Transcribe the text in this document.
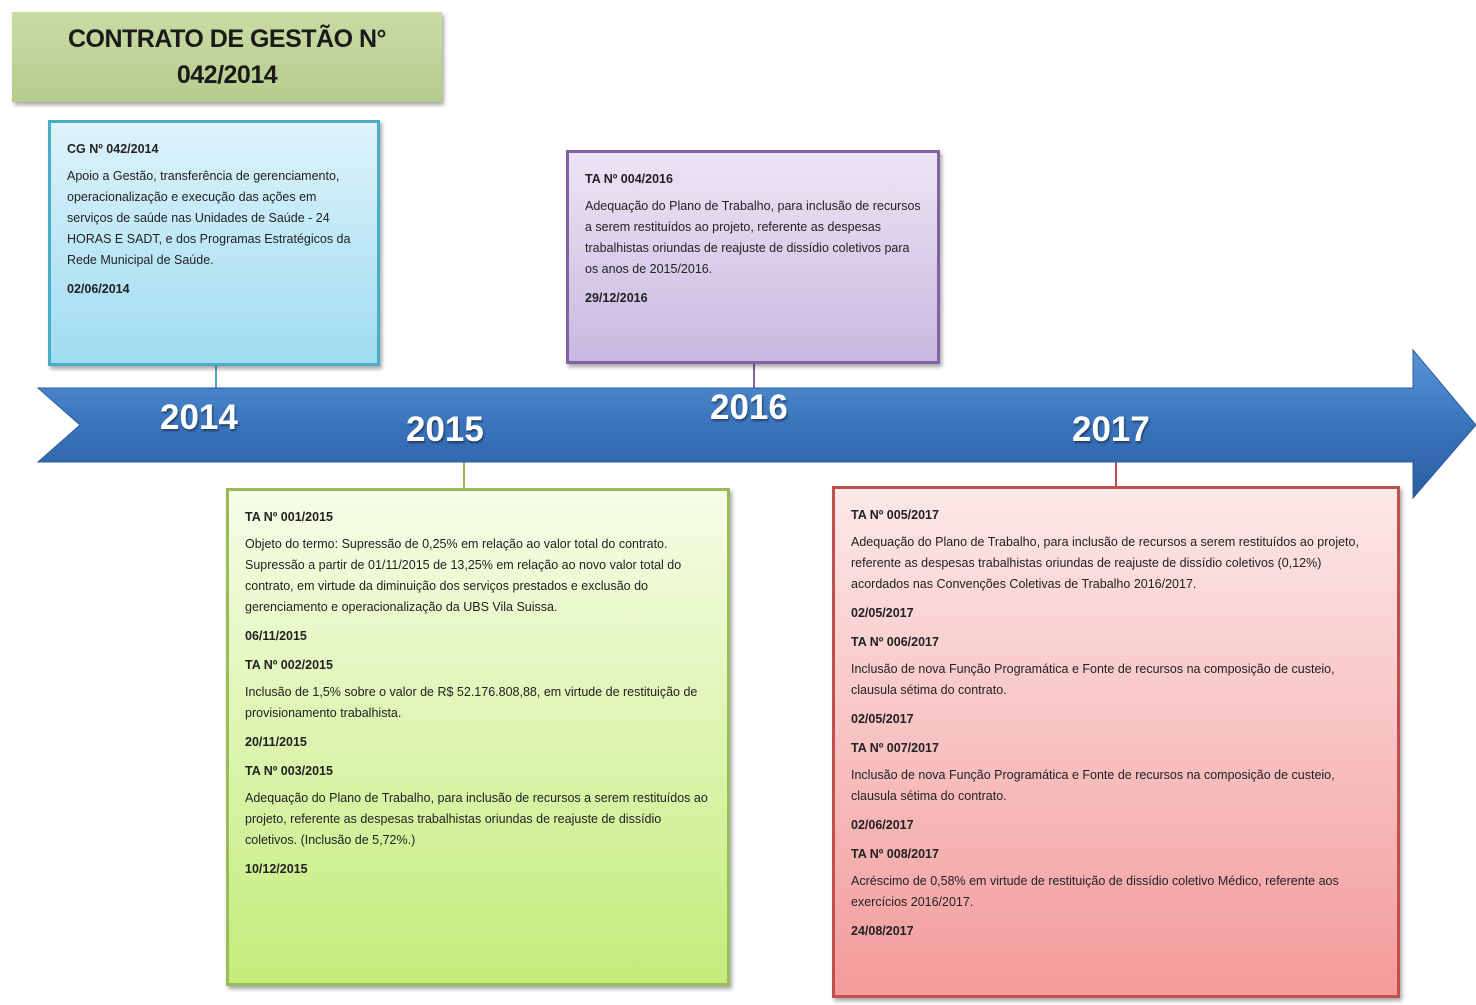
CONTRATO DE GESTÃO N°
042/2014
2014	2015
2016
2017
CG Nº 042/2014
Apoio a Gestão, transferência de gerenciamento, operacionalização e execução das ações em serviços de saúde nas Unidades de Saúde - 24 HORAS E SADT, e dos Programas Estratégicos da Rede Municipal de Saúde.
02/06/2014
TA Nº 004/2016
Adequação do Plano de Trabalho, para inclusão de recursos a serem restituídos ao projeto, referente as despesas trabalhistas oriundas de reajuste de dissídio coletivos para os anos de 2015/2016.
29/12/2016
TA Nº 001/2015
Objeto do termo: Supressão de 0,25% em relação ao valor total do contrato. Supressão a partir de 01/11/2015 de 13,25% em relação ao novo valor total do contrato, em virtude da diminuição dos serviços prestados e exclusão do gerenciamento e operacionalização da UBS Vila Suissa.
06/11/2015
TA Nº 002/2015
Inclusão de 1,5% sobre o valor de R$ 52.176.808,88, em virtude de restituição de provisionamento trabalhista.
20/11/2015
TA Nº 003/2015
Adequação do Plano de Trabalho, para inclusão de recursos a serem restituídos ao projeto, referente as despesas trabalhistas oriundas de reajuste de dissídio coletivos. (Inclusão de 5,72%.)
10/12/2015
TA Nº 005/2017
Adequação do Plano de Trabalho, para inclusão de recursos a serem restituídos ao projeto, referente as despesas trabalhistas oriundas de reajuste de dissídio coletivos (0,12%) acordados nas Convenções Coletivas de Trabalho 2016/2017.
02/05/2017
TA Nº 006/2017
Inclusão de nova Função Programática e Fonte de recursos na composição de custeio, clausula sétima do contrato.
02/05/2017
TA Nº 007/2017
Inclusão de nova Função Programática e Fonte de recursos na composição de custeio, clausula sétima do contrato.
02/06/2017
TA Nº 008/2017
Acréscimo de 0,58% em virtude de restituição de dissídio coletivo Médico, referente aos exercícios 2016/2017.
24/08/2017
